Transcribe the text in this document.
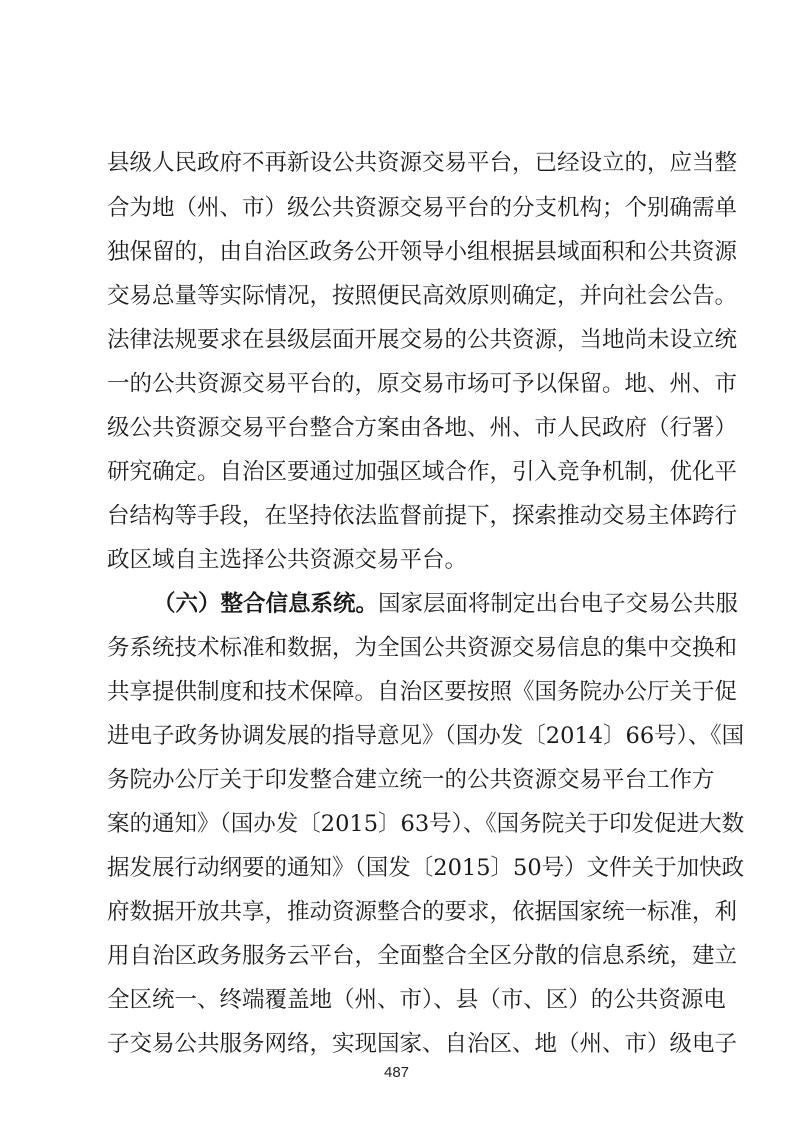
县级人民政府不再新设公共资源交易平台，已经设立的，应当整
合为地（州、市）级公共资源交易平台的分支机构；个别确需单
独保留的，由自治区政务公开领导小组根据县域面积和公共资源
交易总量等实际情况，按照便民高效原则确定，并向社会公告。
法律法规要求在县级层面开展交易的公共资源，当地尚未设立统
一的公共资源交易平台的，原交易市场可予以保留。地、州、市
级公共资源交易平台整合方案由各地、州、市人民政府（行署）
研究确定。自治区要通过加强区域合作，引入竞争机制，优化平
台结构等手段，在坚持依法监督前提下，探索推动交易主体跨行
政区域自主选择公共资源交易平台。
（六）整合信息系统。国家层面将制定出台电子交易公共服
务系统技术标准和数据，为全国公共资源交易信息的集中交换和
共享提供制度和技术保障。自治区要按照《国务院办公厅关于促
进电子政务协调发展的指导意见》（国办发〔2014〕66号）、《国
务院办公厅关于印发整合建立统一的公共资源交易平台工作方
案的通知》（国办发〔2015〕63号）、《国务院关于印发促进大数
据发展行动纲要的通知》（国发〔2015〕50号）文件关于加快政
府数据开放共享，推动资源整合的要求，依据国家统一标准，利
用自治区政务服务云平台，全面整合全区分散的信息系统，建立
全区统一、终端覆盖地（州、市）、县（市、区）的公共资源电
子交易公共服务网络，实现国家、自治区、地（州、市）级电子
487
